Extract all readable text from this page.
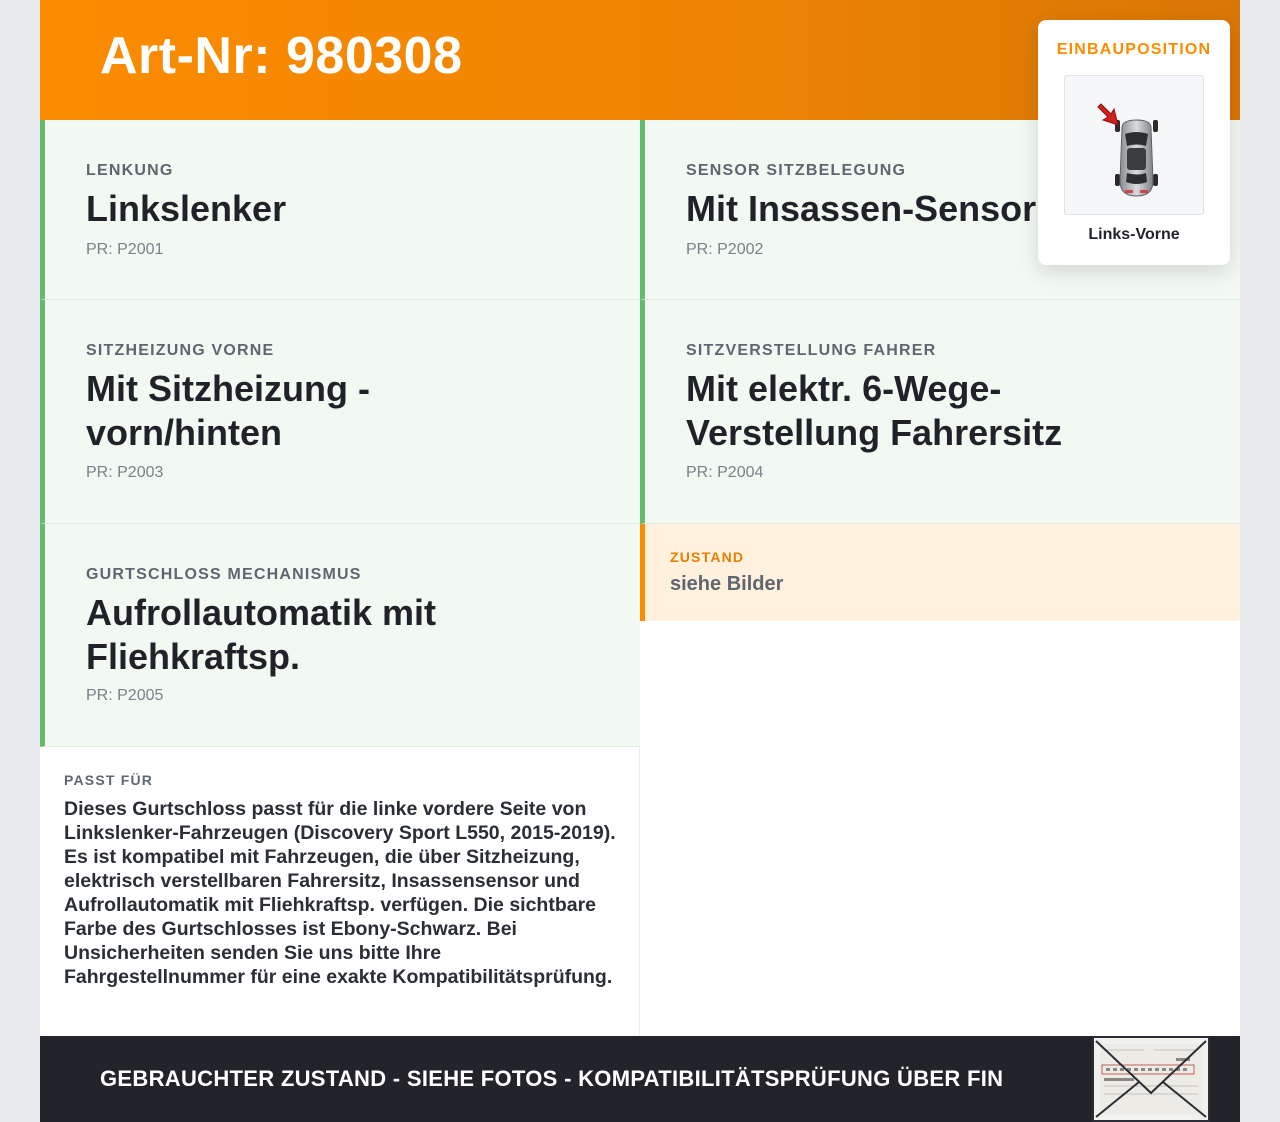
Art-Nr: 980308
LENKUNG
Linkslenker
PR: P2001
SENSOR SITZBELEGUNG
Mit Insassen-Sensor
PR: P2002
SITZHEIZUNG VORNE
Mit Sitzheizung - vorn/hinten
PR: P2003
SITZVERSTELLUNG FAHRER
Mit elektr. 6-Wege-Verstellung Fahrersitz
PR: P2004
GURTSCHLOSS MECHANISMUS
Aufrollautomatik mit Fliehkraftsp.
PR: P2005
ZUSTAND
siehe Bilder
PASST FÜR
Dieses Gurtschloss passt für die linke vordere Seite von Linkslenker-Fahrzeugen (Discovery Sport L550, 2015-2019). Es ist kompatibel mit Fahrzeugen, die über Sitzheizung, elektrisch verstellbaren Fahrersitz, Insassensensor und Aufrollautomatik mit Fliehkraftsp. verfügen. Die sichtbare Farbe des Gurtschlosses ist Ebony-Schwarz. Bei Unsicherheiten senden Sie uns bitte Ihre Fahrgestellnummer für eine exakte Kompatibilitätsprüfung.
GEBRAUCHTER ZUSTAND - SIEHE FOTOS - KOMPATIBILITÄTSPRÜFUNG ÜBER FIN
EINBAUPOSITION
Links-Vorne
